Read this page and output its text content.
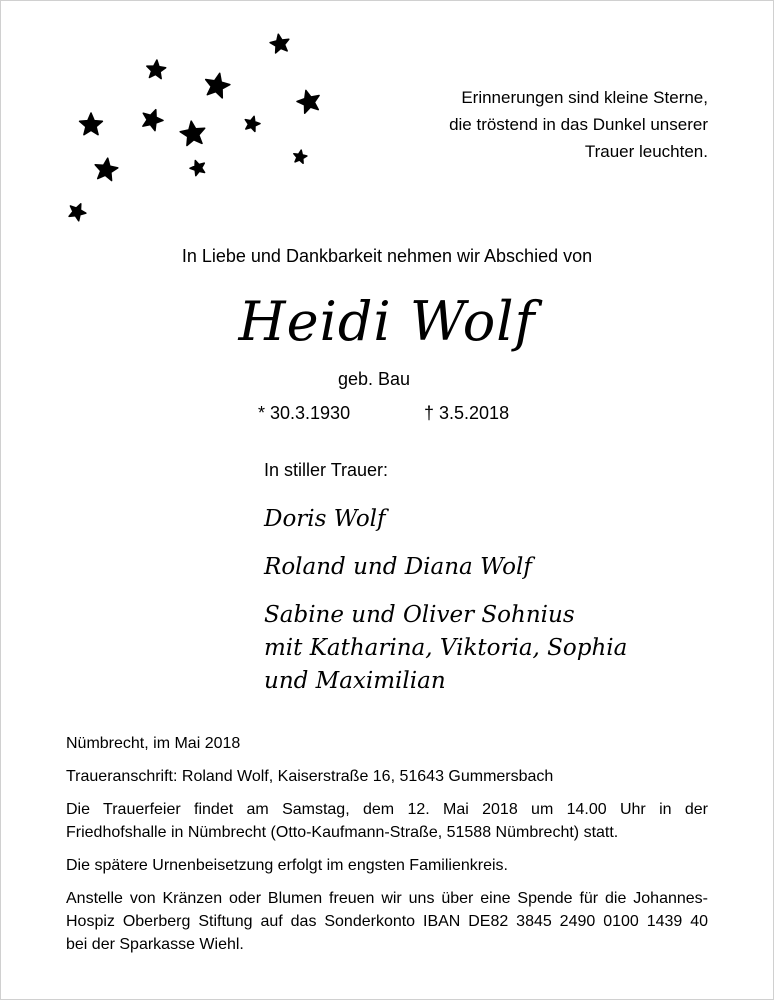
Erinnerungen sind kleine Sterne,
die tröstend in das Dunkel unserer
Trauer leuchten.
In Liebe und Dankbarkeit nehmen wir Abschied von
Heidi Wolf
geb. Bau
* 30.3.1930	† 3.5.2018
In stiller Trauer:
Doris Wolf
Roland und Diana Wolf
Sabine und Oliver Sohnius
mit Katharina, Viktoria, Sophia
und Maximilian

Nümbrecht, im Mai 2018

Traueranschrift: Roland Wolf, Kaiserstraße 16, 51643 Gummersbach

Die Trauerfeier findet am Samstag, dem 12. Mai 2018 um 14.00 Uhr in der
Friedhofshalle in Nümbrecht (Otto-Kaufmann-Straße, 51588 Nümbrecht) statt.

Die spätere Urnenbeisetzung erfolgt im engsten Familienkreis.

Anstelle von Kränzen oder Blumen freuen wir uns über eine Spende für die Johannes-
Hospiz Oberberg Stiftung auf das Sonderkonto IBAN DE82 3845 2490 0100 1439 40
bei der Sparkasse Wiehl.
